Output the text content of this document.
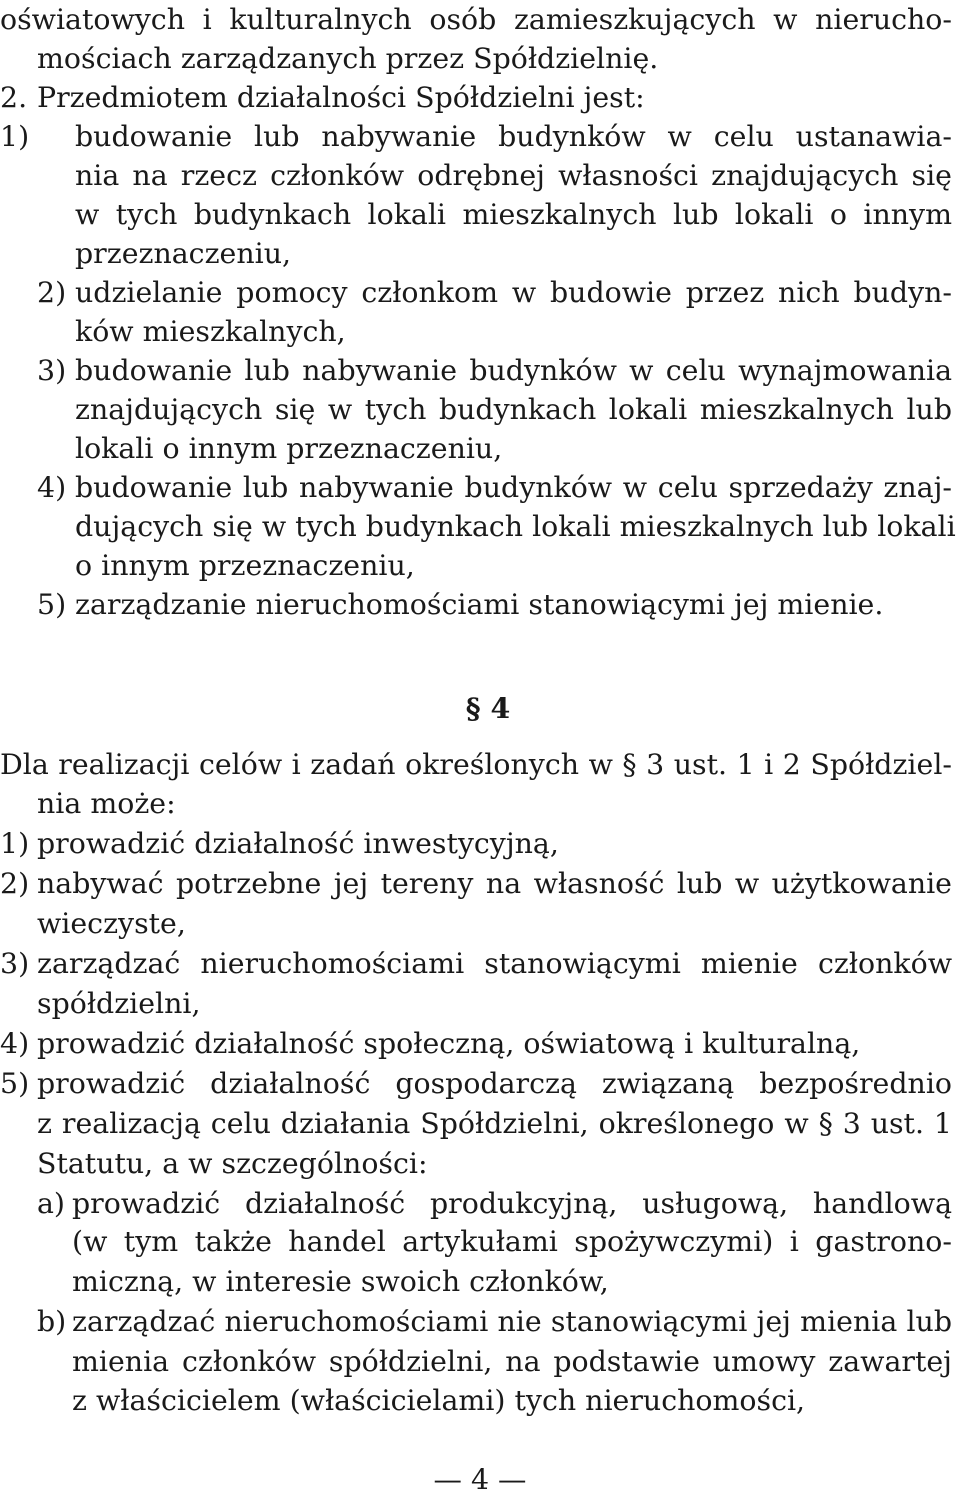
oświatowych i kulturalnych osób zamieszkujących w nierucho-
mościach zarządzanych przez Spółdzielnię.
2. Przedmiotem działalności Spółdzielni jest:
1) budowanie lub nabywanie budynków w celu ustanawia-
nia na rzecz członków odrębnej własności znajdujących się
w tych budynkach lokali mieszkalnych lub lokali o innym
przeznaczeniu,
2) udzielanie pomocy członkom w budowie przez nich budyn-
ków mieszkalnych,
3) budowanie lub nabywanie budynków w celu wynajmowania
znajdujących się w tych budynkach lokali mieszkalnych lub
lokali o innym przeznaczeniu,
4) budowanie lub nabywanie budynków w celu sprzedaży znaj-
dujących się w tych budynkach lokali mieszkalnych lub lokali
o innym przeznaczeniu,
5) zarządzanie nieruchomościami stanowiącymi jej mienie.
§ 4
Dla realizacji celów i zadań określonych w § 3 ust. 1 i 2 Spółdziel-
nia może:
1) prowadzić działalność inwestycyjną,
2) nabywać potrzebne jej tereny na własność lub w użytkowanie
wieczyste,
3) zarządzać nieruchomościami stanowiącymi mienie członków
spółdzielni,
4) prowadzić działalność społeczną, oświatową i kulturalną,
5) prowadzić działalność gospodarczą związaną bezpośrednio
z realizacją celu działania Spółdzielni, określonego w § 3 ust. 1
Statutu, a w szczególności:
a) prowadzić działalność produkcyjną, usługową, handlową
(w tym także handel artykułami spożywczymi) i gastrono-
miczną, w interesie swoich członków,
b) zarządzać nieruchomościami nie stanowiącymi jej mienia lub
mienia członków spółdzielni, na podstawie umowy zawartej
z właścicielem (właścicielami) tych nieruchomości,
— 4 —
